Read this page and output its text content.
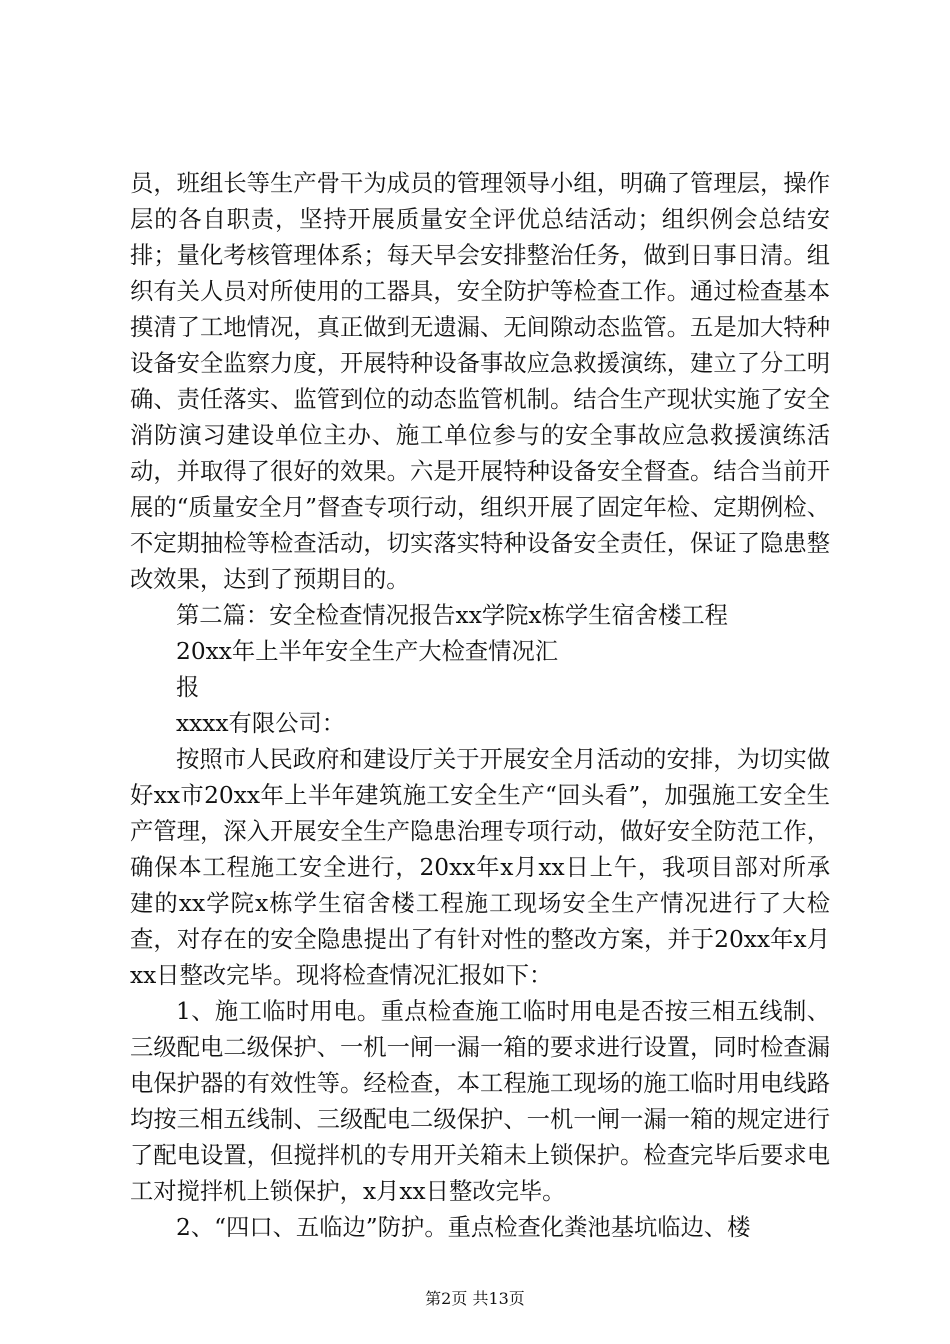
员，班组长等生产骨干为成员的管理领导小组，明确了管理层，操作层的各自职责，坚持开展质量安全评优总结活动；组织例会总结安排；量化考核管理体系；每天早会安排整治任务，做到日事日清。组织有关人员对所使用的工器具，安全防护等检查工作。通过检查基本摸清了工地情况，真正做到无遗漏、无间隙动态监管。五是加大特种设备安全监察力度，开展特种设备事故应急救援演练，建立了分工明确、责任落实、监管到位的动态监管机制。结合生产现状实施了安全消防演习建设单位主办、施工单位参与的安全事故应急救援演练活动，并取得了很好的效果。六是开展特种设备安全督查。结合当前开展的“质量安全月”督查专项行动，组织开展了固定年检、定期例检、不定期抽检等检查活动，切实落实特种设备安全责任，保证了隐患整改效果，达到了预期目的。

第二篇：安全检查情况报告xx学院x栋学生宿舍楼工程

20xx年上半年安全生产大检查情况汇

报

xxxx有限公司：

按照市人民政府和建设厅关于开展安全月活动的安排，为切实做好xx市20xx年上半年建筑施工安全生产“回头看”，加强施工安全生产管理，深入开展安全生产隐患治理专项行动，做好安全防范工作，确保本工程施工安全进行，20xx年x月xx日上午，我项目部对所承建的xx学院x栋学生宿舍楼工程施工现场安全生产情况进行了大检查，对存在的安全隐患提出了有针对性的整改方案，并于20xx年x月xx日整改完毕。现将检查情况汇报如下：

1、施工临时用电。重点检查施工临时用电是否按三相五线制、三级配电二级保护、一机一闸一漏一箱的要求进行设置，同时检查漏电保护器的有效性等。经检查，本工程施工现场的施工临时用电线路均按三相五线制、三级配电二级保护、一机一闸一漏一箱的规定进行了配电设置，但搅拌机的专用开关箱未上锁保护。检查完毕后要求电工对搅拌机上锁保护，x月xx日整改完毕。

2、“四口、五临边”防护。重点检查化粪池基坑临边、楼

第2页 共13页
